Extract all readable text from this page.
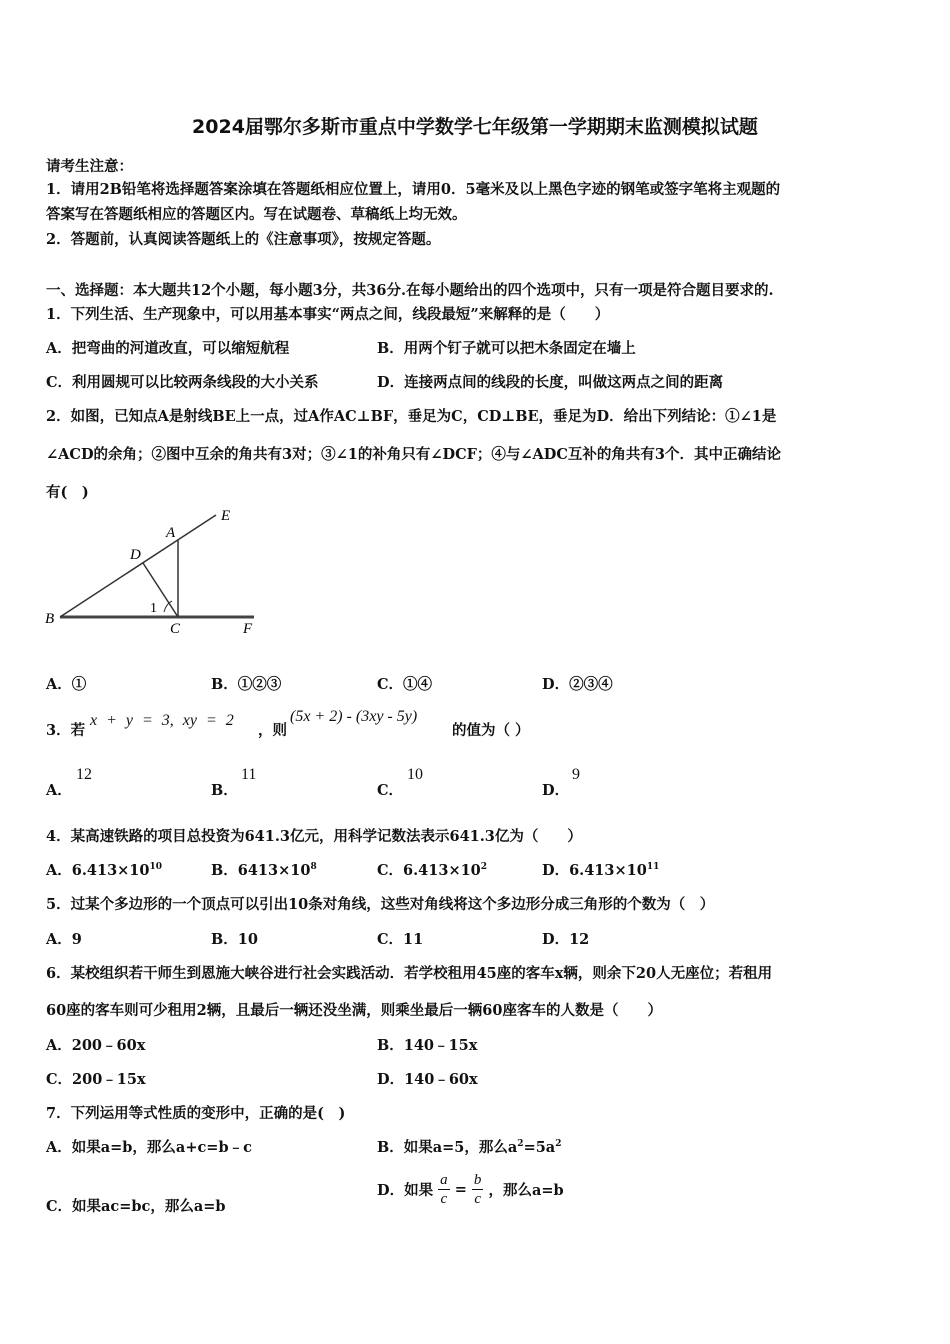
2024届鄂尔多斯市重点中学数学七年级第一学期期末监测模拟试题
请考生注意：
1．请用2B铅笔将选择题答案涂填在答题纸相应位置上，请用0．5毫米及以上黑色字迹的钢笔或签字笔将主观题的
答案写在答题纸相应的答题区内。写在试题卷、草稿纸上均无效。
2．答题前，认真阅读答题纸上的《注意事项》，按规定答题。
一、选择题：本大题共12个小题，每小题3分，共36分.在每小题给出的四个选项中，只有一项是符合题目要求的.
1．下列生活、生产现象中，可以用基本事实“两点之间，线段最短”来解释的是（　　）
A．把弯曲的河道改直，可以缩短航程	B．用两个钉子就可以把木条固定在墙上
C．利用圆规可以比较两条线段的大小关系	D．连接两点间的线段的长度，叫做这两点之间的距离
2．如图，已知点A是射线BE上一点，过A作AC⊥BF，垂足为C，CD⊥BE，垂足为D．给出下列结论：①∠1是
∠ACD的余角；②图中互余的角共有3对；③∠1的补角只有∠DCF；④与∠ADC互补的角共有3个．其中正确结论
有(　)
E
A
D
B
C	F
1
A．①	B．①②③	C．①④	D．②③④
3．若
x + y = 3, xy = 2
，则
(5x + 2) - (3xy - 5y)
的值为（ ）
A．
12
B．
11
C．
10
D．
9
4．某高速铁路的项目总投资为641.3亿元，用科学记数法表示641.3亿为（　　）
A．$6.413\times 10^{10}$	B．$6413\times 10^8$	C．$6.413\times 10^2$	D．$6.413\times 10^{11}$
5．过某个多边形的一个顶点可以引出10条对角线，这些对角线将这个多边形分成三角形的个数为（　）
A．9	B．10	C．11	D．12
6．某校组织若干师生到恩施大峡谷进行社会实践活动．若学校租用45座的客车x辆，则余下20人无座位；若租用
60座的客车则可少租用2辆，且最后一辆还没坐满，则乘坐最后一辆60座客车的人数是（　　）
A．200﹣60x	B．140﹣15x
C．200﹣15x	D．140﹣60x
7．下列运用等式性质的变形中，正确的是(　)
A．如果a=b，那么a+c=b﹣c	B．如果a=5，那么$a^2=5a^2$
C．如果ac=bc，那么a=b
D．如果 $\frac{a}{c} = \frac{b}{c}$ ，那么a=b
